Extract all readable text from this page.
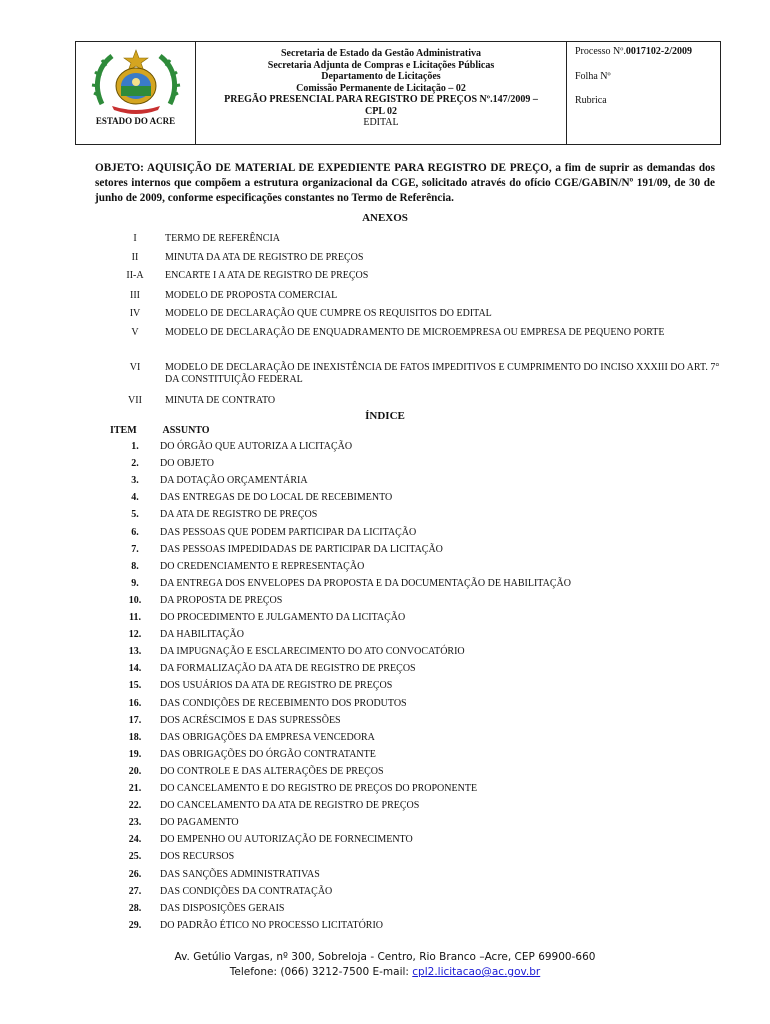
ESTADO DO ACRE
Secretaria de Estado da Gestão Administrativa
Secretaria Adjunta de Compras e Licitações Públicas
Departamento de Licitações
Comissão Permanente de Licitação – 02
PREGÃO PRESENCIAL PARA REGISTRO DE PREÇOS Nº.147/2009 –
CPL 02
EDITAL
Processo Nº.0017102-2/2009
Folha Nº
Rubrica
OBJETO: AQUISIÇÃO DE MATERIAL DE EXPEDIENTE PARA REGISTRO DE PREÇO, a fim de suprir as demandas dos setores internos que compõem a estrutura organizacional da CGE, solicitado através do ofício CGE/GABIN/Nº 191/09, de 30 de junho de 2009, conforme especificações constantes no Termo de Referência.
ANEXOS
I	TERMO DE REFERÊNCIA
II	MINUTA DA ATA DE REGISTRO DE PREÇOS
II-A	ENCARTE I A ATA DE REGISTRO DE PREÇOS
III	MODELO DE PROPOSTA COMERCIAL
IV	MODELO DE DECLARAÇÃO QUE CUMPRE OS REQUISITOS DO EDITAL
V	MODELO DE DECLARAÇÃO DE ENQUADRAMENTO DE MICROEMPRESA OU EMPRESA DE PEQUENO PORTE
VI	MODELO DE DECLARAÇÃO DE INEXISTÊNCIA DE FATOS IMPEDITIVOS E CUMPRIMENTO DO INCISO XXXIII DO ART. 7° DA CONSTITUIÇÃO FEDERAL
VII	MINUTA DE CONTRATO
ÍNDICE
ITEM	ASSUNTO
1.	DO ÓRGÃO QUE AUTORIZA A LICITAÇÃO
2.	DO OBJETO
3.	DA DOTAÇÃO ORÇAMENTÁRIA
4.	DAS ENTREGAS DE DO LOCAL DE RECEBIMENTO
5.	DA ATA DE REGISTRO DE PREÇOS
6.	DAS PESSOAS QUE PODEM PARTICIPAR DA LICITAÇÃO
7.	DAS PESSOAS IMPEDIDADAS DE PARTICIPAR DA LICITAÇÃO
8.	DO CREDENCIAMENTO E REPRESENTAÇÃO
9.	DA ENTREGA DOS ENVELOPES DA PROPOSTA E DA DOCUMENTAÇÃO DE HABILITAÇÃO
10.	DA PROPOSTA DE PREÇOS
11.	DO PROCEDIMENTO E JULGAMENTO DA LICITAÇÃO
12.	DA HABILITAÇÃO
13.	DA IMPUGNAÇÃO E ESCLARECIMENTO DO ATO CONVOCATÓRIO
14.	DA FORMALIZAÇÃO DA ATA DE REGISTRO DE PREÇOS
15.	DOS USUÁRIOS DA ATA DE REGISTRO DE PREÇOS
16.	DAS CONDIÇÕES DE RECEBIMENTO DOS PRODUTOS
17.	DOS ACRÉSCIMOS E DAS SUPRESSÕES
18.	DAS OBRIGAÇÕES DA EMPRESA VENCEDORA
19.	DAS OBRIGAÇÕES DO ÓRGÃO CONTRATANTE
20.	DO CONTROLE E DAS ALTERAÇÕES DE PREÇOS
21.	DO CANCELAMENTO E DO REGISTRO DE PREÇOS DO PROPONENTE
22.	DO CANCELAMENTO DA ATA DE REGISTRO DE PREÇOS
23.	DO PAGAMENTO
24.	DO EMPENHO OU AUTORIZAÇÃO DE FORNECIMENTO
25.	DOS RECURSOS
26.	DAS SANÇÕES ADMINISTRATIVAS
27.	DAS CONDIÇÕES DA CONTRATAÇÃO
28.	DAS DISPOSIÇÕES GERAIS
29.	DO PADRÃO ÉTICO NO PROCESSO LICITATÓRIO
Av. Getúlio Vargas, nº 300, Sobreloja - Centro, Rio Branco –Acre, CEP 69900-660
Telefone: (066) 3212-7500 E-mail: cpl2.licitacao@ac.gov.br
